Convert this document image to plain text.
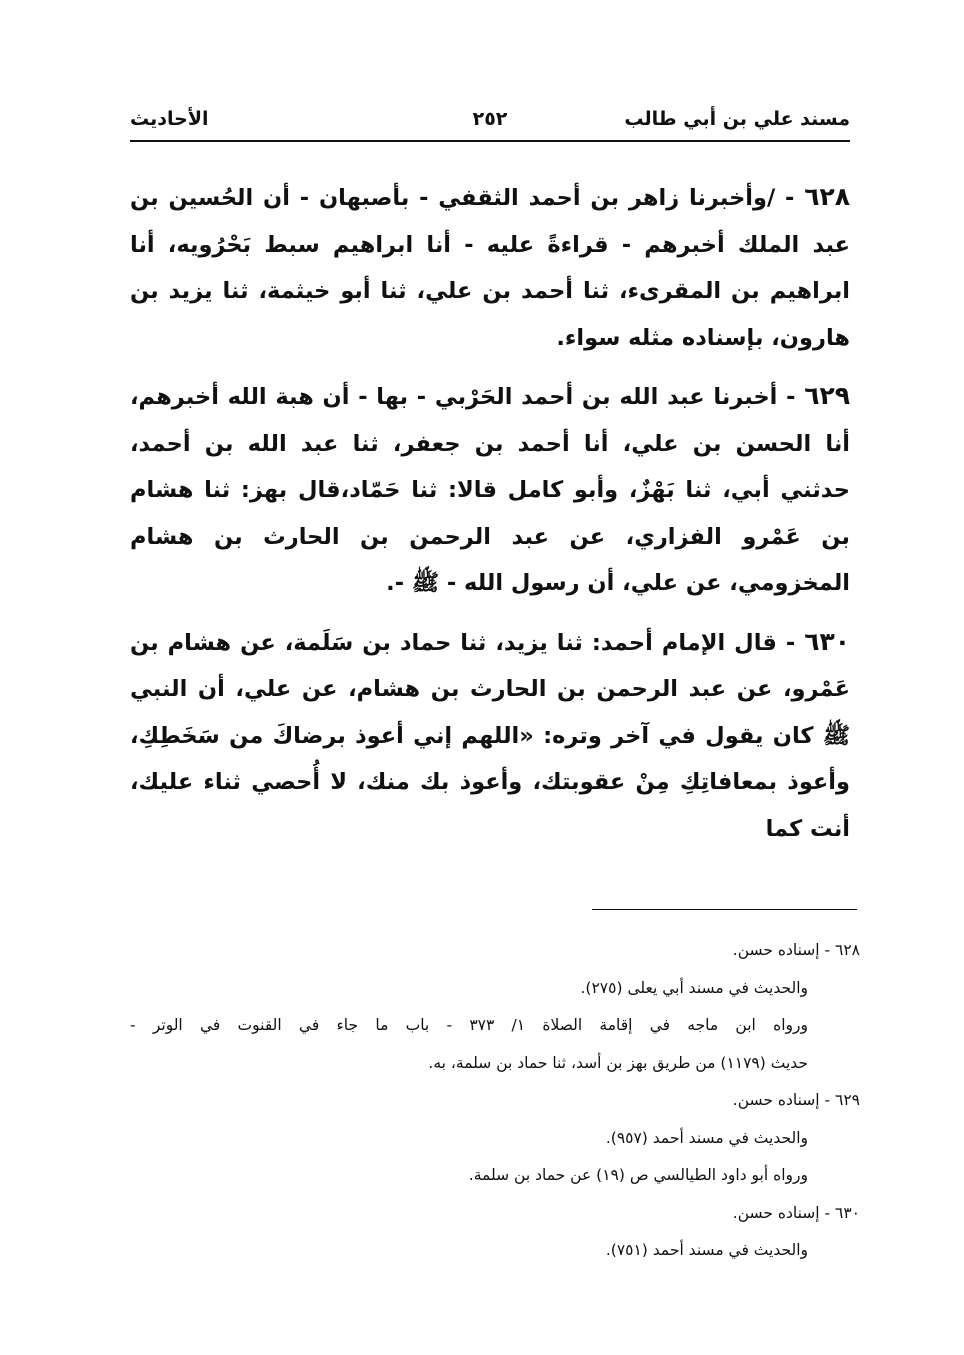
مسند علي بن أبي طالب
٢٥٢
الأحاديث

٦٢٨ - /وأخبرنا زاهر بن أحمد الثقفي - بأصبهان - أن الحُسين بن عبد الملك أخبرهم - قراءةً عليه - أنا ابراهيم سبط بَحْرُويه، أنا ابراهيم بن المقرىء، ثنا أحمد بن علي، ثنا أبو خيثمة، ثنا يزيد بن هارون، بإسناده مثله سواء.

٦٢٩ - أخبرنا عبد الله بن أحمد الحَرْبي - بها - أن هبة الله أخبرهم، أنا الحسن بن علي، أنا أحمد بن جعفر، ثنا عبد الله بن أحمد، حدثني أبي، ثنا بَهْزٌ، وأبو كامل قالا: ثنا حَمّاد،قال بهز: ثنا هشام بن عَمْرو الفزاري، عن عبد الرحمن بن الحارث بن هشام المخزومي، عن علي، أن رسول الله - ﷺ -.

٦٣٠ - قال الإمام أحمد: ثنا يزيد، ثنا حماد بن سَلَمة، عن هشام بن عَمْرو، عن عبد الرحمن بن الحارث بن هشام، عن علي، أن النبي ﷺ كان يقول في آخر وتره: «اللهم إني أعوذ برضاكَ من سَخَطِكِ، وأعوذ بمعافاتِكِ مِنْ عقوبتك، وأعوذ بك منك، لا أُحصي ثناء عليك، أنت كما

٦٢٨ - إسناده حسن.
والحديث في مسند أبي يعلى (٢٧٥).
ورواه ابن ماجه في إقامة الصلاة ١/ ٣٧٣ - باب ما جاء في القنوت في الوتر -
حديث (١١٧٩) من طريق بهز بن أسد، ثنا حماد بن سلمة، به.
٦٢٩ - إسناده حسن.
والحديث في مسند أحمد (٩٥٧).
ورواه أبو داود الطيالسي ص (١٩) عن حماد بن سلمة.
٦٣٠ - إسناده حسن.
والحديث في مسند أحمد (٧٥١).
